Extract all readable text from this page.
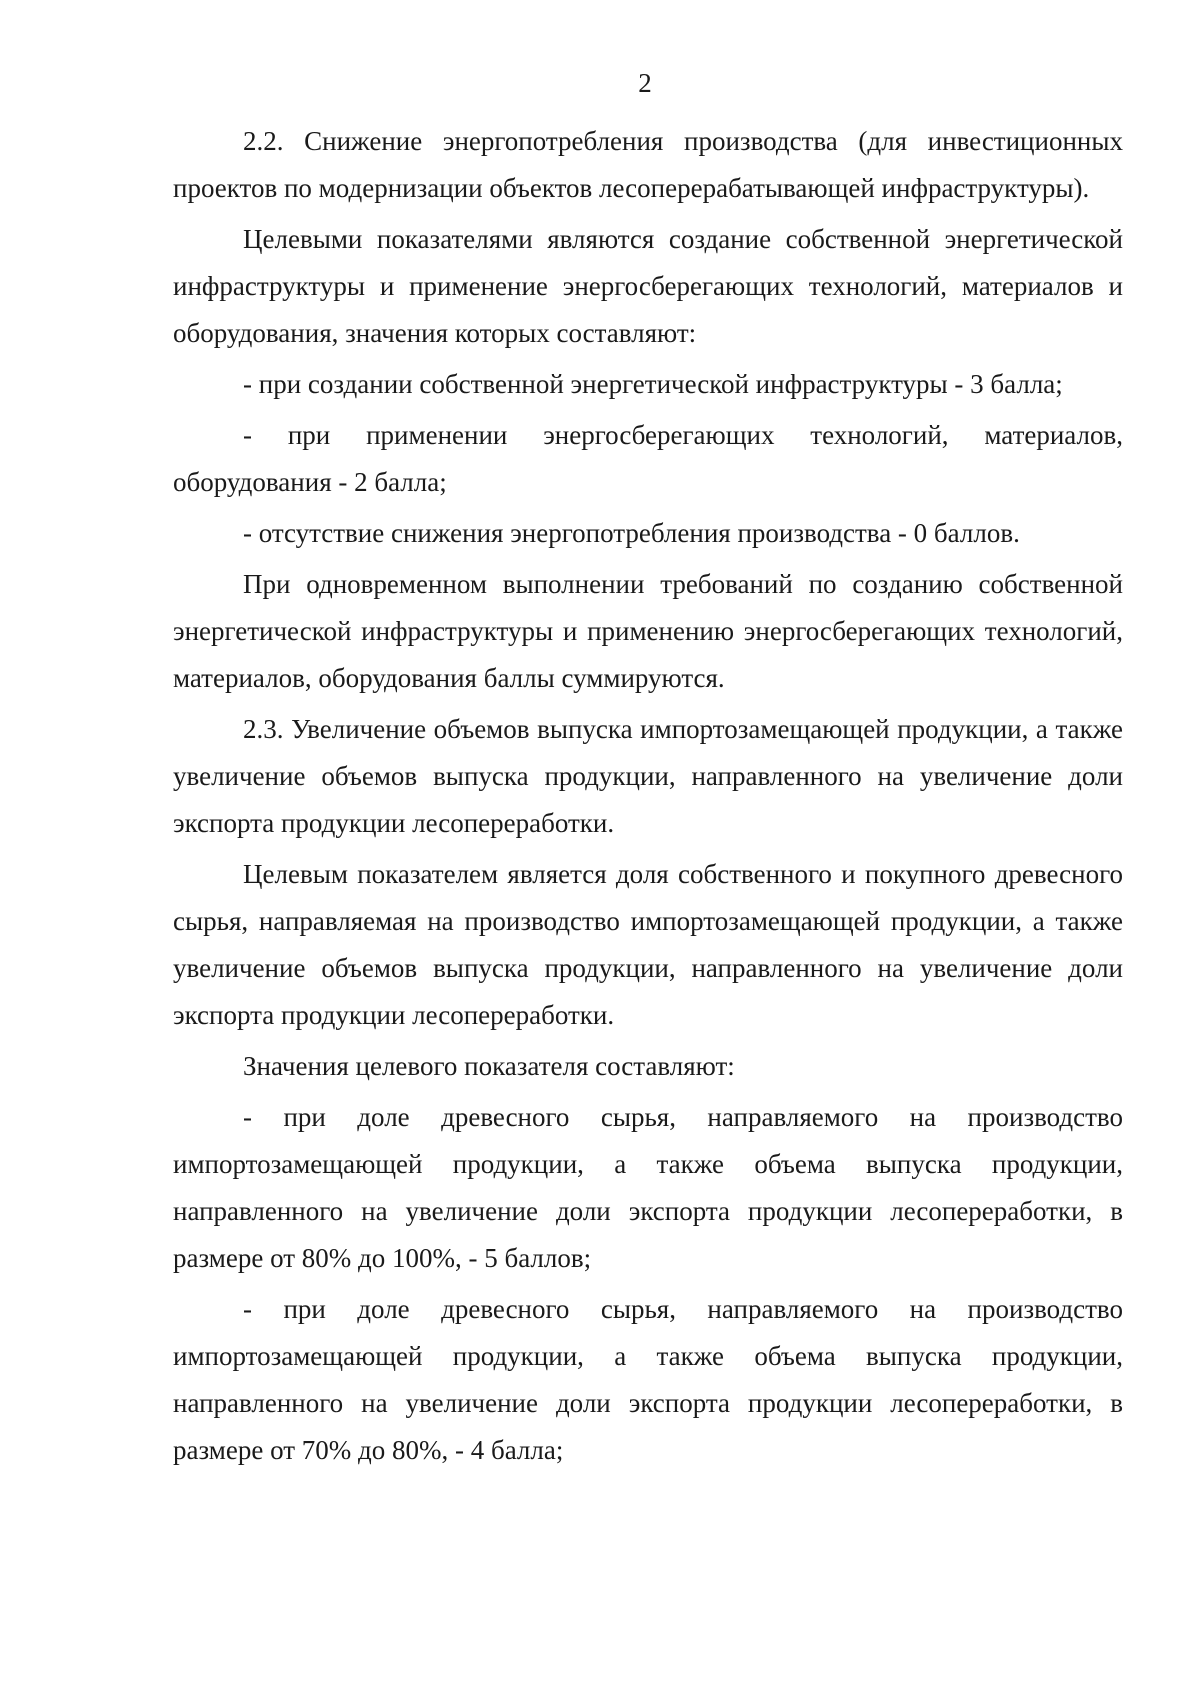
2

2.2. Снижение энергопотребления производства (для инвестиционных проектов по модернизации объектов лесоперерабатывающей инфраструктуры).

Целевыми показателями являются создание собственной энергетической инфраструктуры и применение энергосберегающих технологий, материалов и оборудования, значения которых составляют:

- при создании собственной энергетической инфраструктуры - 3 балла;

- при применении энергосберегающих технологий, материалов, оборудования - 2 балла;

- отсутствие снижения энергопотребления производства - 0 баллов.

При одновременном выполнении требований по созданию собственной энергетической инфраструктуры и применению энергосберегающих технологий, материалов, оборудования баллы суммируются.

2.3. Увеличение объемов выпуска импортозамещающей продукции, а также увеличение объемов выпуска продукции, направленного на увеличение доли экспорта продукции лесопереработки.

Целевым показателем является доля собственного и покупного древесного сырья, направляемая на производство импортозамещающей продукции, а также увеличение объемов выпуска продукции, направленного на увеличение доли экспорта продукции лесопереработки.

Значения целевого показателя составляют:

- при доле древесного сырья, направляемого на производство импортозамещающей продукции, а также объема выпуска продукции, направленного на увеличение доли экспорта продукции лесопереработки, в размере от 80% до 100%, - 5 баллов;

- при доле древесного сырья, направляемого на производство импортозамещающей продукции, а также объема выпуска продукции, направленного на увеличение доли экспорта продукции лесопереработки, в размере от 70% до 80%, - 4 балла;
